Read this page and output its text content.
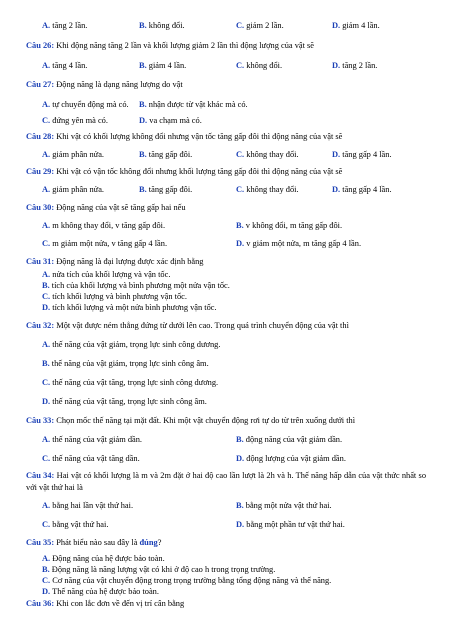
A. tăng 2 lần.	B. không đổi.	C. giảm 2 lần.	D. giảm 4 lần.
Câu 26: Khi động năng tăng 2 lần và khối lượng giảm 2 lần thì động lượng của vật sẽ
A. tăng 4 lần.	B. giảm 4 lần.	C. không đổi.	D. tăng 2 lần.
Câu 27: Động năng là dạng năng lượng do vật
A. tự chuyển động mà có. B. nhận được từ vật khác mà có.
C. đứng yên mà có.	D. va chạm mà có.
Câu 28: Khi vật có khối lượng không đổi nhưng vận tốc tăng gấp đôi thì động năng của vật sẽ
A. giảm phân nửa.	B. tăng gấp đôi.	C. không thay đổi.	D. tăng gấp 4 lần.
Câu 29: Khi vật có vận tốc không đổi nhưng khối lượng tăng gấp đôi thì động năng của vật sẽ
A. giảm phân nửa.	B. tăng gấp đôi.	C. không thay đổi.	D. tăng gấp 4 lần.
Câu 30: Động năng của vật sẽ tăng gấp hai nếu
A. m không thay đổi, v tăng gấp đôi.	B. v không đổi, m tăng gấp đôi.
C. m giảm một nửa, v tăng gấp 4 lần.	D. v giảm một nửa, m tăng gấp 4 lần.
Câu 31: Động năng là đại lượng được xác định bằng
A. nửa tích của khối lượng và vận tốc.
B. tích của khối lượng và bình phương một nửa vận tốc.
C. tích khối lượng và bình phương vận tốc.
D. tích khối lượng và một nửa bình phương vận tốc.
Câu 32: Một vật được ném thẳng đứng từ dưới lên cao. Trong quá trình chuyển động của vật thì
A. thế năng của vật giảm, trọng lực sinh công dương.
B. thế năng của vật giảm, trọng lực sinh công âm.
C. thế năng của vật tăng, trọng lực sinh công dương.
D. thế năng của vật tăng, trọng lực sinh công âm.
Câu 33: Chọn mốc thế năng tại mặt đất. Khi một vật chuyển động rơi tự do từ trên xuống dưới thì
A. thế năng của vật giảm dần.	B. động năng của vật giảm dần.
C. thế năng của vật tăng dần.	D. động lượng của vật giảm dần.
Câu 34: Hai vật có khối lượng là m và 2m đặt ở hai độ cao lần lượt là 2h và h. Thế năng hấp dẫn của vật thức nhất so với vật thứ hai là
A. bằng hai lần vật thứ hai.	B. bằng một nửa vật thứ hai.
C. bằng vật thứ hai.	D. bằng một phần tư vật thứ hai.
Câu 35: Phát biểu nào sau đây là đúng?
A. Động năng của hệ được bảo toàn.
B. Động năng là năng lượng vật có khi ở độ cao h trong trọng trường.
C. Cơ năng của vật chuyển động trong trọng trường bằng tổng động năng và thế năng.
D. Thế năng của hệ được bảo toàn.
Câu 36: Khi con lắc đơn về đến vị trí cân bằng
